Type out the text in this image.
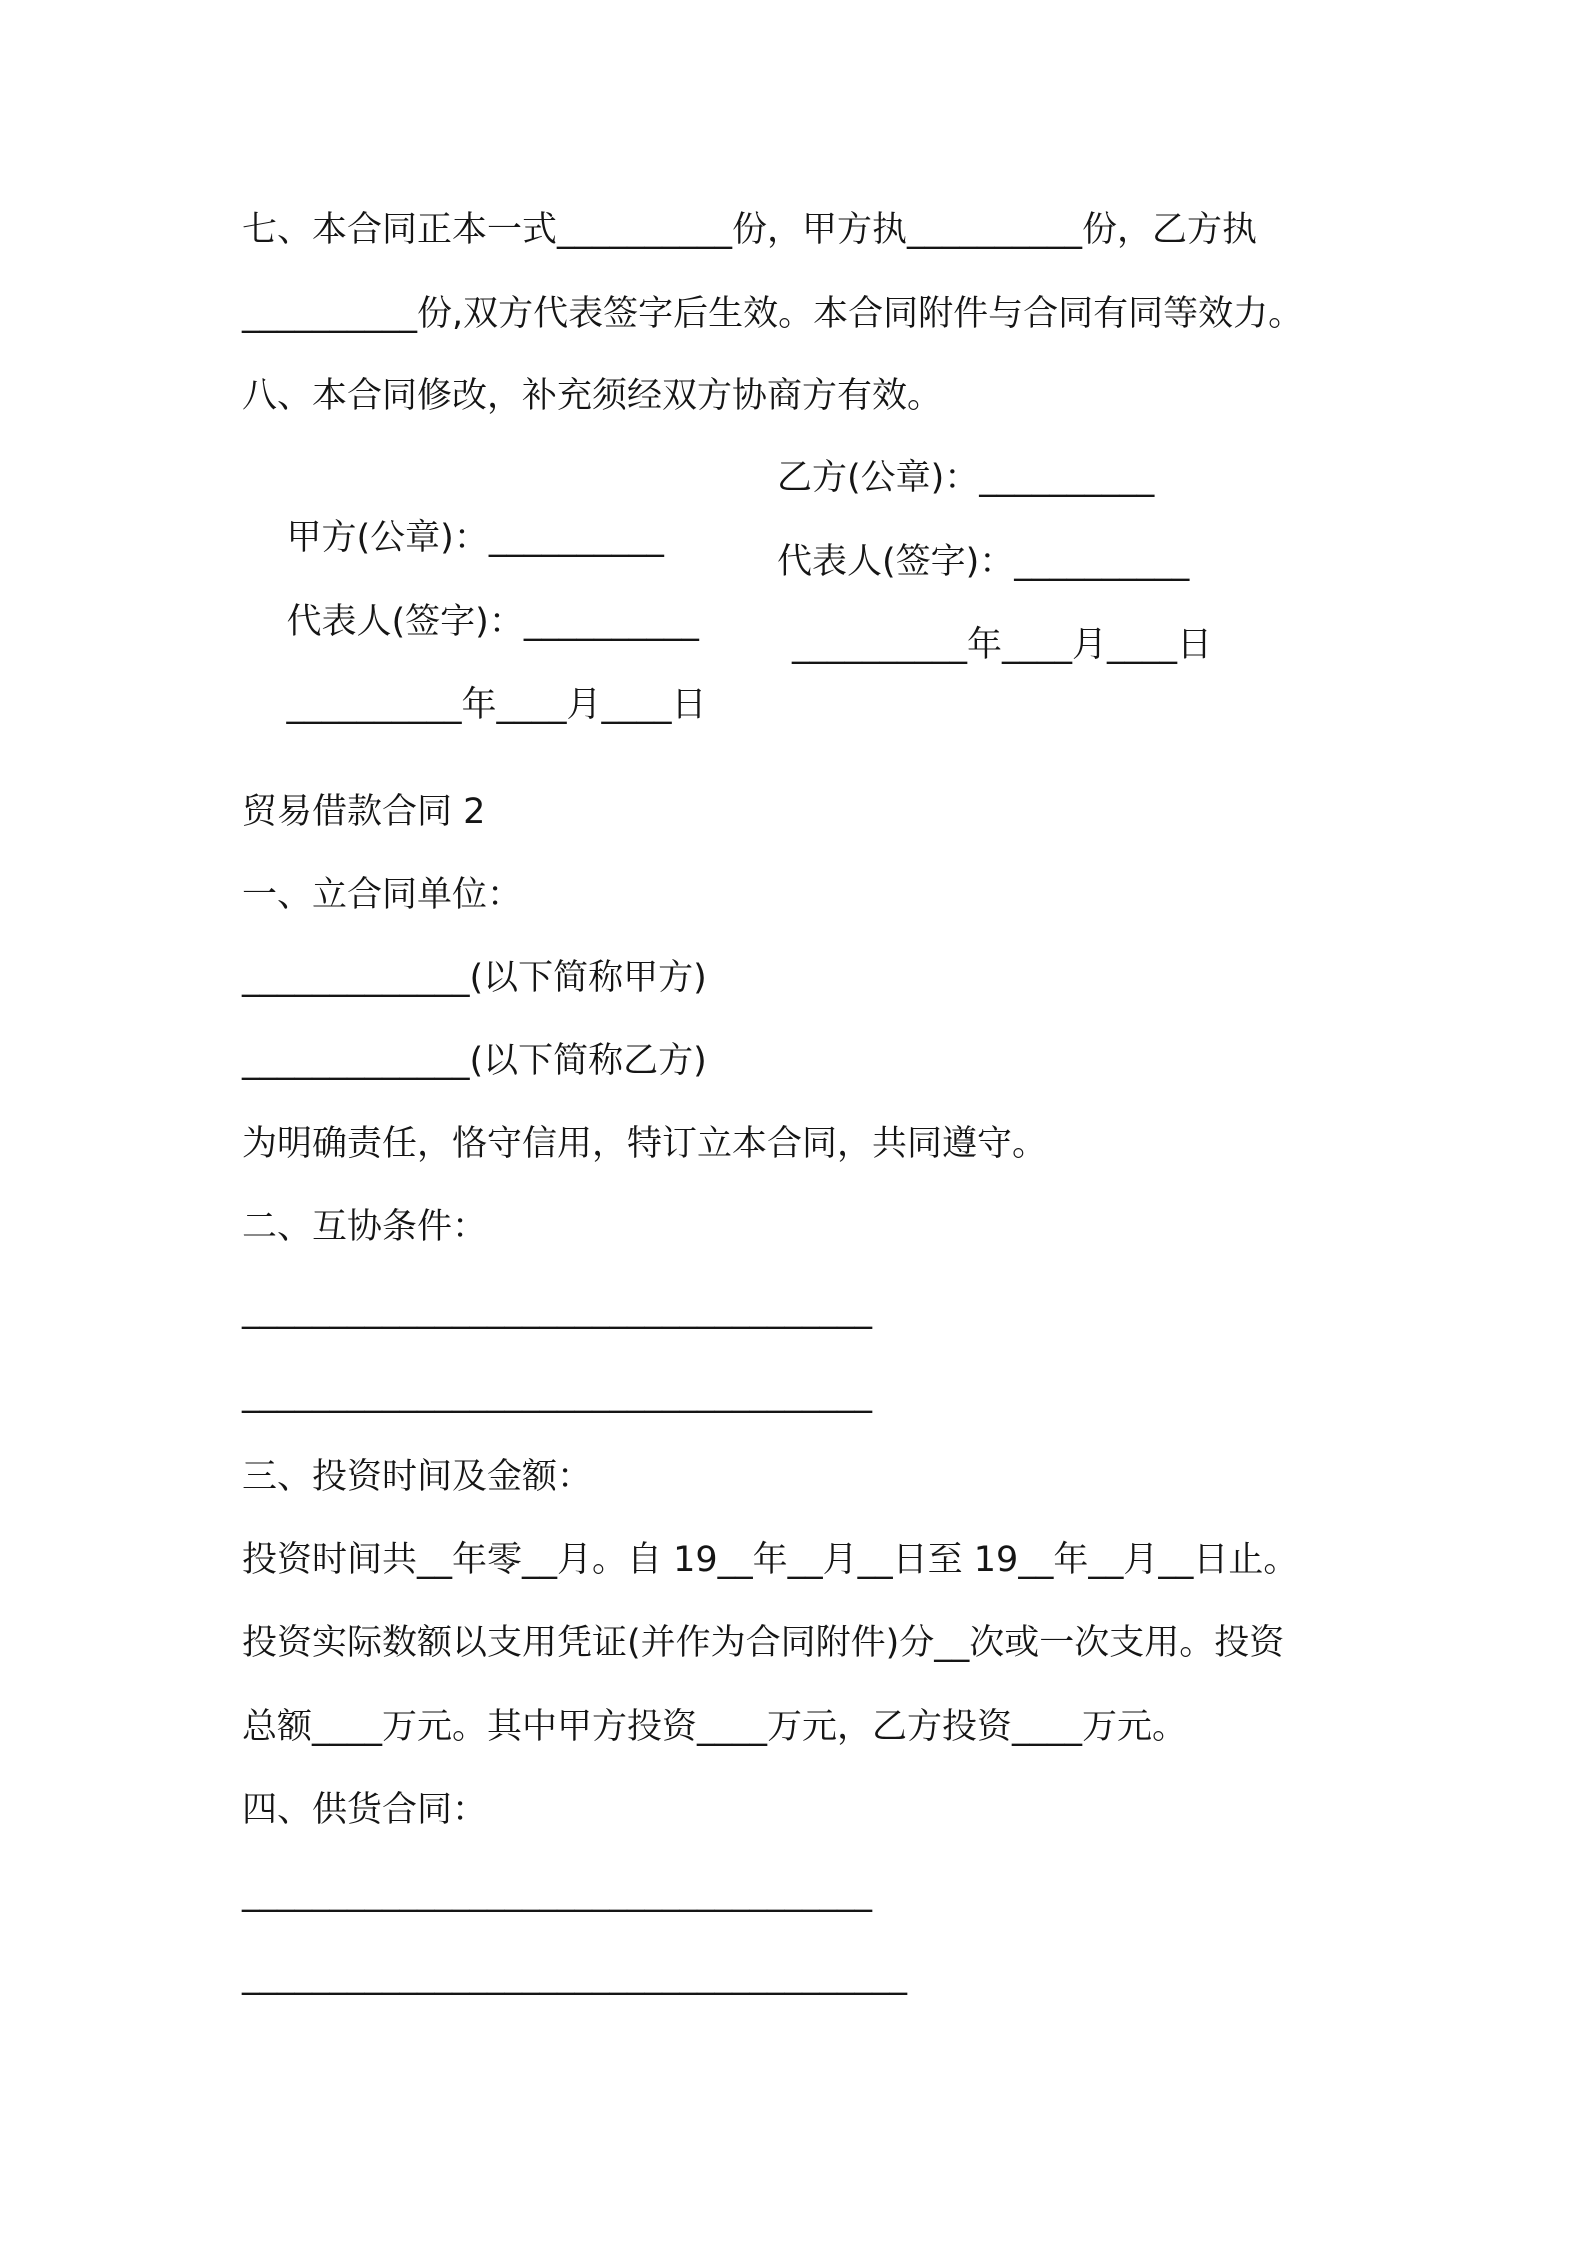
七、本合同正本一式__________份，甲方执__________份，乙方执
__________份,双方代表签字后生效。本合同附件与合同有同等效力。
八、本合同修改，补充须经双方协商方有效。

甲方(公章)：__________

乙方(公章)：__________

代表人(签字)：__________

代表人(签字)：__________

__________年____月____日

__________年____月____日

贸易借款合同 2
一、立合同单位：
_____________(以下简称甲方)
_____________(以下简称乙方)
为明确责任，恪守信用，特订立本合同，共同遵守。
二、互协条件：
____________________________________
____________________________________
三、投资时间及金额：
投资时间共__年零__月。自 19__年__月__日至 19__年__月__日止。
投资实际数额以支用凭证(并作为合同附件)分__次或一次支用。投资
总额____万元。其中甲方投资____万元，乙方投资____万元。
四、供货合同：
____________________________________
______________________________________
